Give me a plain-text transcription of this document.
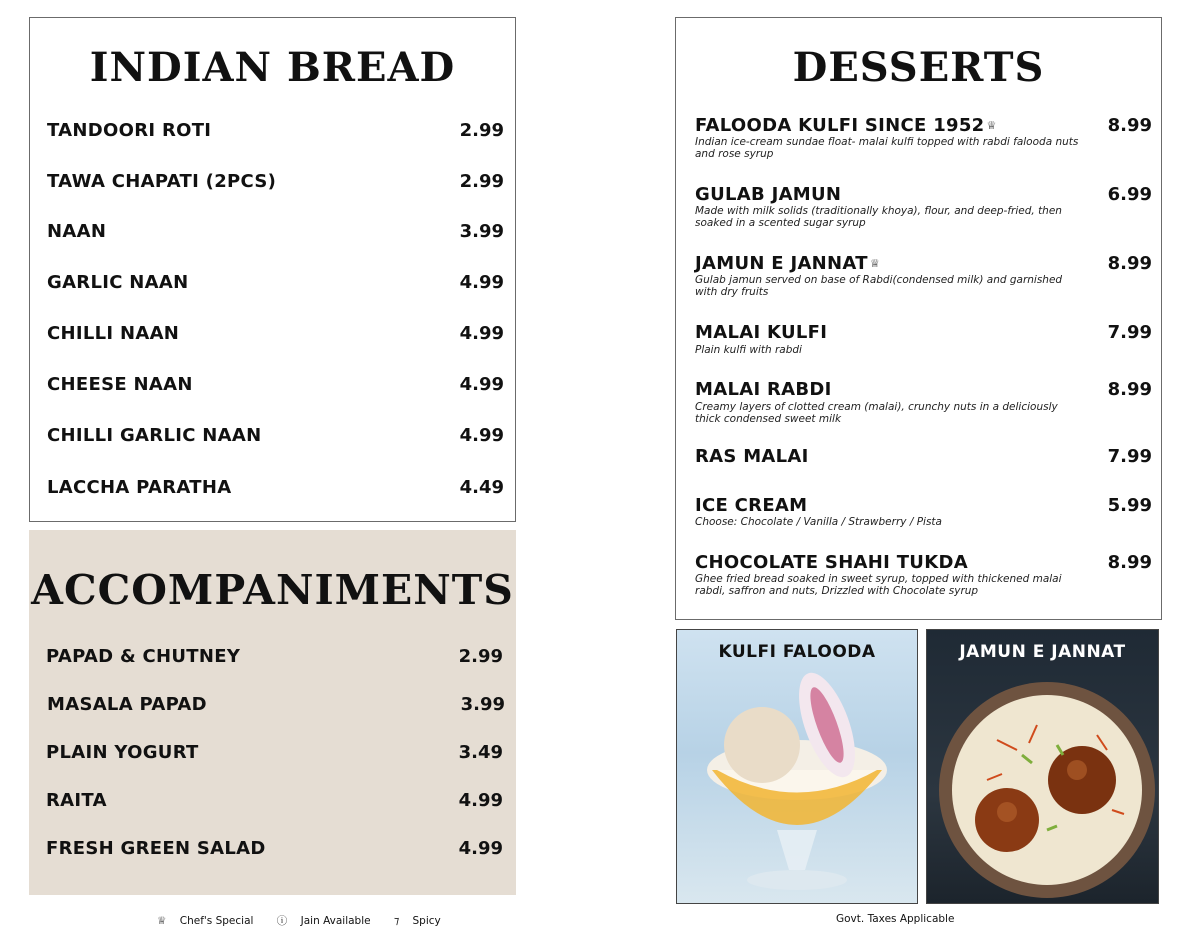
INDIAN BREAD
TANDOORI ROTI	2.99
TAWA CHAPATI (2PCS)	2.99
NAAN	3.99
GARLIC NAAN	4.99
CHILLI NAAN	4.99
CHEESE NAAN	4.99
CHILLI GARLIC NAAN	4.99
LACCHA PARATHA	4.49
ACCOMPANIMENTS
PAPAD & CHUTNEY	2.99
MASALA PAPAD	3.99
PLAIN YOGURT	3.49
RAITA	4.99
FRESH GREEN SALAD	4.99
DESSERTS
FALOODA KULFI SINCE 1952 ♕	8.99
Indian ice-cream sundae float- malai kulfi topped with rabdi falooda nuts and rose syrup
GULAB JAMUN	6.99
Made with milk solids (traditionally khoya), flour, and deep-fried, then soaked in a scented sugar syrup
JAMUN E JANNAT ♕	8.99
Gulab jamun served on base of Rabdi(condensed milk) and garnished with dry fruits
MALAI KULFI	7.99
Plain kulfi with rabdi
MALAI RABDI	8.99
Creamy layers of clotted cream (malai), crunchy nuts in a deliciously thick condensed sweet milk
RAS MALAI	7.99
ICE CREAM	5.99
Choose: Chocolate / Vanilla / Strawberry / Pista
CHOCOLATE SHAHI TUKDA	8.99
Ghee fried bread soaked in sweet syrup, topped with thickened malai rabdi, saffron and nuts, Drizzled with Chocolate syrup
KULFI FALOODA	JAMUN E JANNAT
♕ Chef's Special ⓘ Jain Available ⁊ Spicy	Govt. Taxes Applicable
